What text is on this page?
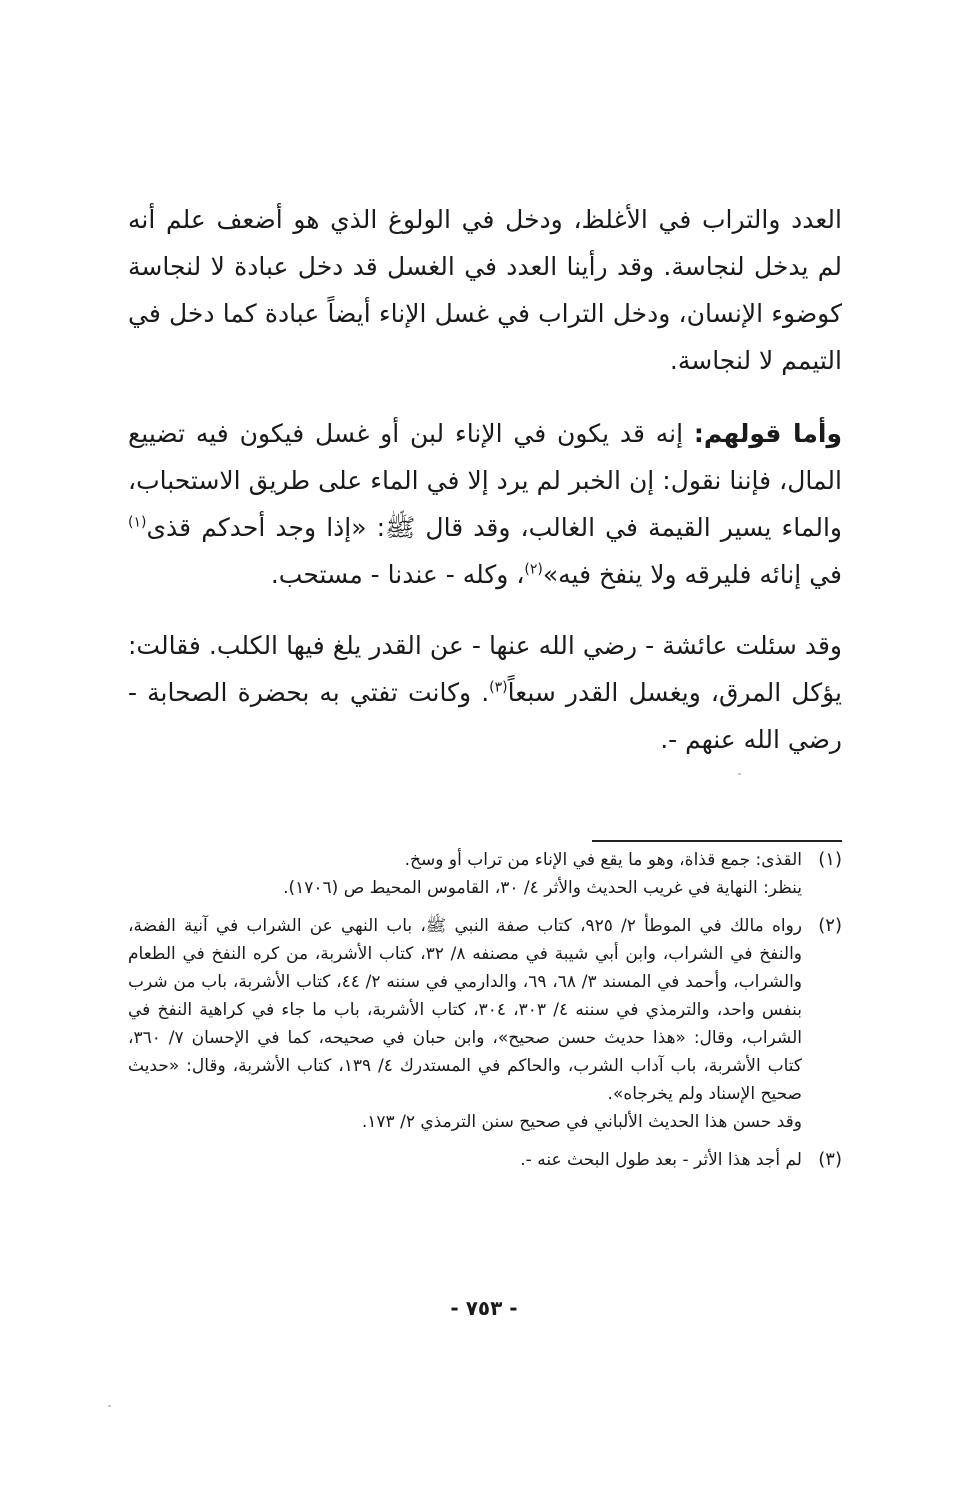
العدد والتراب في الأغلظ، ودخل في الولوغ الذي هو أضعف علم أنه لم يدخل لنجاسة. وقد رأينا العدد في الغسل قد دخل عبادة لا لنجاسة كوضوء الإنسان، ودخل التراب في غسل الإناء أيضاً عبادة كما دخل في التيمم لا لنجاسة.

وأما قولهم: إنه قد يكون في الإناء لبن أو غسل فيكون فيه تضييع المال، فإننا نقول: إن الخبر لم يرد إلا في الماء على طريق الاستحباب، والماء يسير القيمة في الغالب، وقد قال ﷺ: «إذا وجد أحدكم قذى$^{(١)}$ في إنائه فليرقه ولا ينفخ فيه»$^{(٢)}$، وكله - عندنا - مستحب.

وقد سئلت عائشة - رضي الله عنها - عن القدر يلغ فيها الكلب. فقالت: يؤكل المرق، ويغسل القدر سبعاً$^{(٣)}$. وكانت تفتي به بحضرة الصحابة - رضي الله عنهم -.

(١)
القذى: جمع قذاة، وهو ما يقع في الإناء من تراب أو وسخ.
ينظر: النهاية في غريب الحديث والأثر ٤/ ٣٠، القاموس المحيط ص (١٧٠٦).
(٢)
رواه مالك في الموطأ ٢/ ٩٢٥، كتاب صفة النبي ﷺ، باب النهي عن الشراب في آنية الفضة، والنفخ في الشراب، وابن أبي شيبة في مصنفه ٨/ ٣٢، كتاب الأشربة، من كره النفخ في الطعام والشراب، وأحمد في المسند ٣/ ٦٨، ٦٩، والدارمي في سننه ٢/ ٤٤، كتاب الأشربة، باب من شرب بنفس واحد، والترمذي في سننه ٤/ ٣٠٣، ٣٠٤، كتاب الأشربة، باب ما جاء في كراهية النفخ في الشراب، وقال: «هذا حديث حسن صحيح»، وابن حبان في صحيحه، كما في الإحسان ٧/ ٣٦٠، كتاب الأشربة، باب آداب الشرب، والحاكم في المستدرك ٤/ ١٣٩، كتاب الأشربة، وقال: «حديث صحيح الإسناد ولم يخرجاه».
وقد حسن هذا الحديث الألباني في صحيح سنن الترمذي ٢/ ١٧٣.
(٣)
لم أجد هذا الأثر - بعد طول البحث عنه -.
- ٧٥٣ -
